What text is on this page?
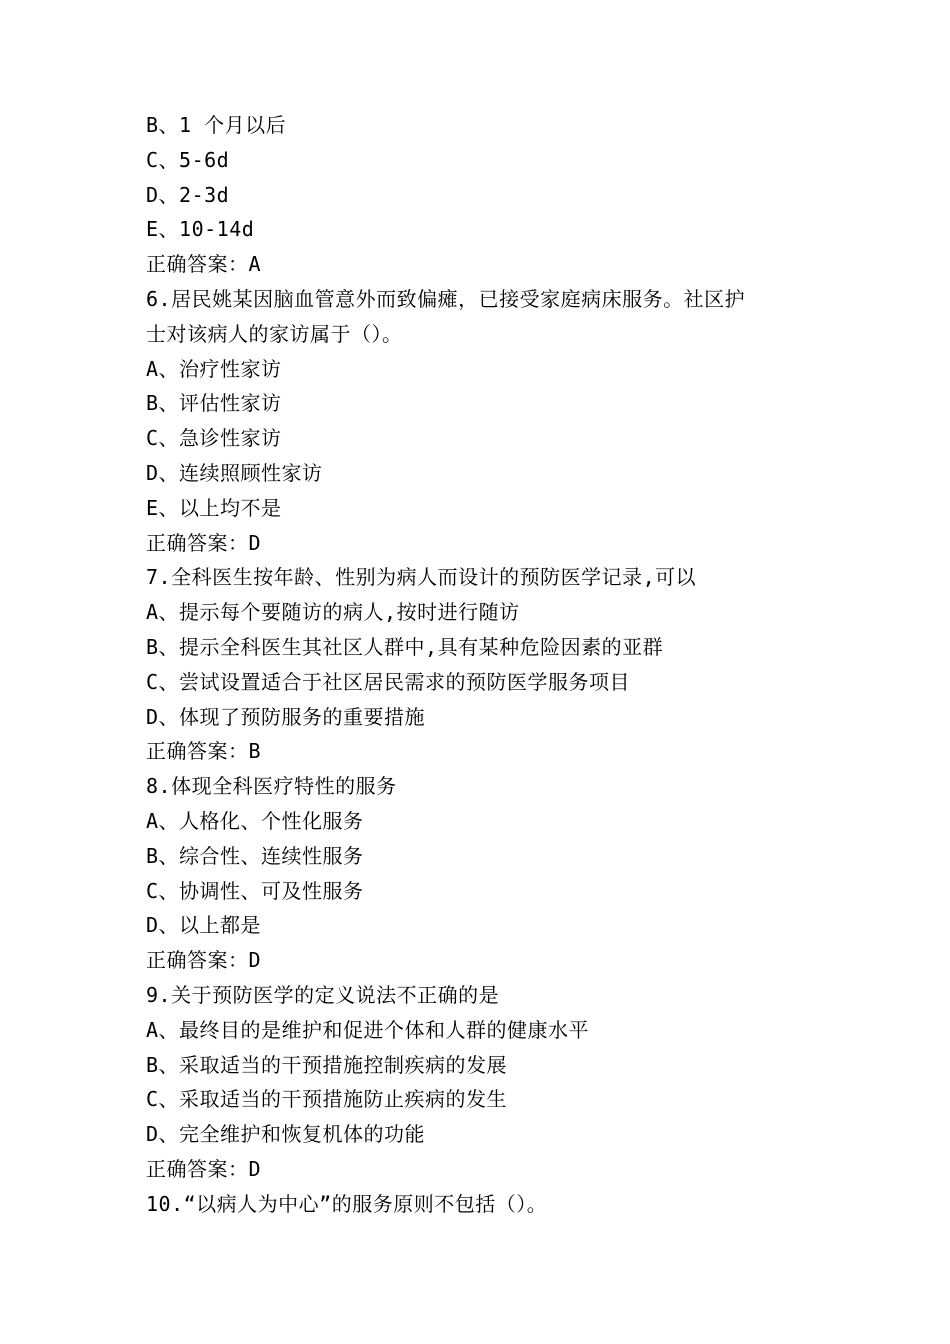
B、1 个月以后
C、5-6d
D、2-3d
E、10-14d
正确答案：A
6.居民姚某因脑血管意外而致偏瘫，已接受家庭病床服务。社区护
士对该病人的家访属于（）。
A、治疗性家访
B、评估性家访
C、急诊性家访
D、连续照顾性家访
E、以上均不是
正确答案：D
7.全科医生按年龄、性别为病人而设计的预防医学记录,可以
A、提示每个要随访的病人,按时进行随访
B、提示全科医生其社区人群中,具有某种危险因素的亚群
C、尝试设置适合于社区居民需求的预防医学服务项目
D、体现了预防服务的重要措施
正确答案：B
8.体现全科医疗特性的服务
A、人格化、个性化服务
B、综合性、连续性服务
C、协调性、可及性服务
D、以上都是
正确答案：D
9.关于预防医学的定义说法不正确的是
A、最终目的是维护和促进个体和人群的健康水平
B、采取适当的干预措施控制疾病的发展
C、采取适当的干预措施防止疾病的发生
D、完全维护和恢复机体的功能
正确答案：D
10.“以病人为中心”的服务原则不包括（）。
